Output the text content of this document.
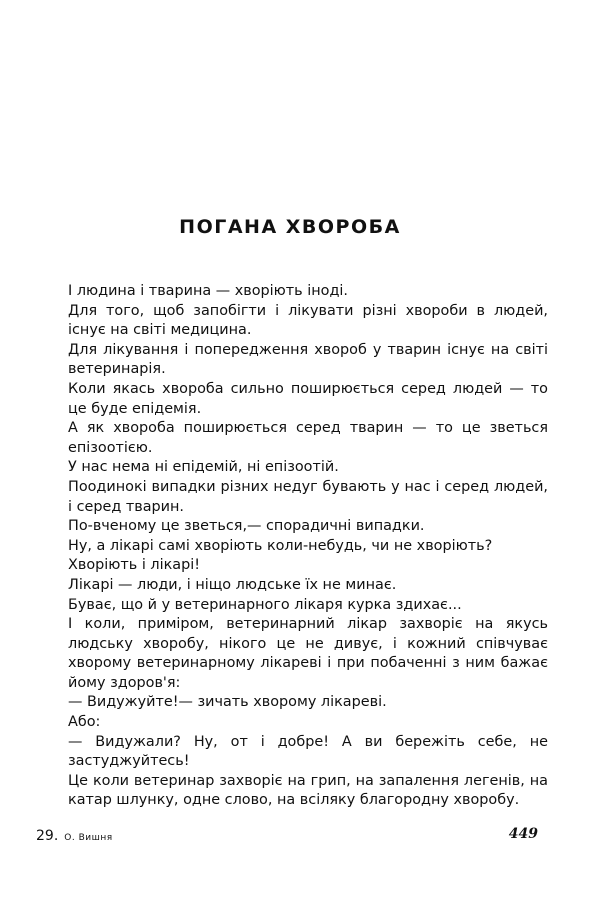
ПОГАНА ХВОРОБА

І людина і тварина — хворіють іноді.

Для того, щоб запобігти і лікувати різні хвороби в людей, існує на світі медицина.

Для лікування і попередження хвороб у тварин існує на світі ветеринарія.

Коли якась хвороба сильно поширюється серед людей — то це буде епідемія.

А як хвороба поширюється серед тварин — то це зветься епізоотією.

У нас нема ні епідемій, ні епізоотій.

Поодинокі випадки різних недуг бувають у нас і серед людей, і серед тварин.

По-вченому це зветься,— спорадичні випадки.

Ну, а лікарі самі хворіють коли-небудь, чи не хворіють?

Хворіють і лікарі!

Лікарі — люди, і ніщо людське їх не минає.

Буває, що й у ветеринарного лікаря курка здихає...

І коли, приміром, ветеринарний лікар захворіє на якусь людську хворобу, нікого це не дивує, і кожний співчуває хворому ветеринарному лікареві і при побаченні з ним бажає йому здоров'я:

— Видужуйте!— зичать хворому лікареві.

Або:

— Видужали? Ну, от і добре! А ви бережіть себе, не застуджуйтесь!

Це коли ветеринар захворіє на грип, на запалення легенів, на катар шлунку, одне слово, на всіляку благородну хворобу.

29. О. Вишня	449
